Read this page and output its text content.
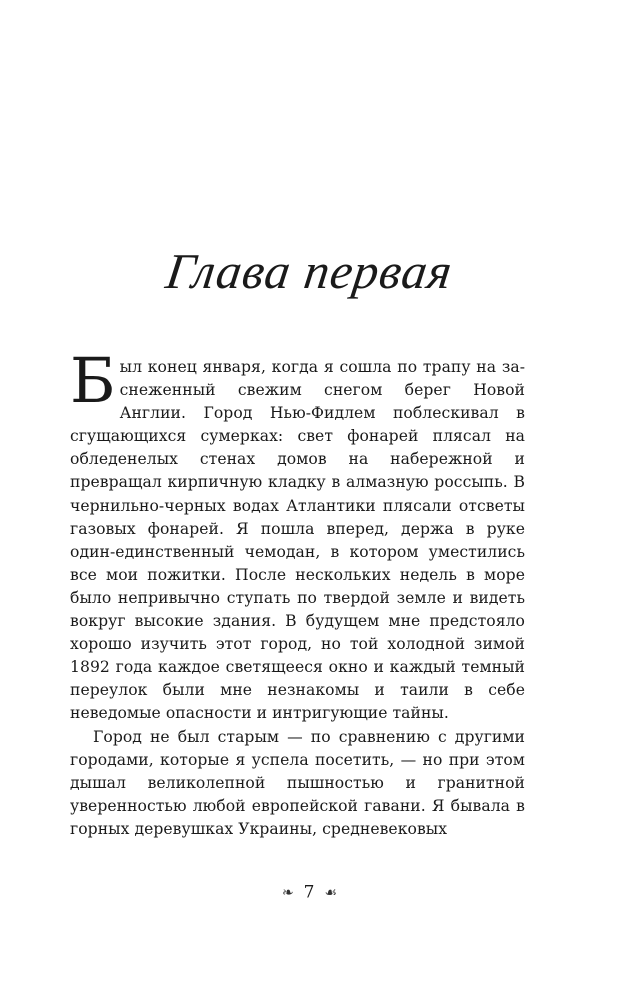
Глава первая

Был конец января, когда я сошла по трапу на заснеженный свежим снегом берег Новой Англии. Город Нью-Фидлем поблескивал в сгущающихся сумерках: свет фонарей плясал на обледенелых стенах домов на набережной и превращал кирпичную кладку в алмазную россыпь. В чернильно-черных водах Атлантики плясали отсветы газовых фонарей. Я пошла вперед, держа в руке один-единственный чемодан, в котором уместились все мои пожитки. После нескольких недель в море было непривычно ступать по твердой земле и видеть вокруг высокие здания. В будущем мне предстояло хорошо изучить этот город, но той холодной зимой 1892 года каждое светящееся окно и каждый темный переулок были мне незнакомы и таили в себе неведомые опасности и интригующие тайны.

Город не был старым — по сравнению с другими городами, которые я успела посетить, — но при этом дышал великолепной пышностью и гранитной уверенностью любой европейской гавани. Я бывала в горных деревушках Украины, средневековых

❧ 7 ☙
